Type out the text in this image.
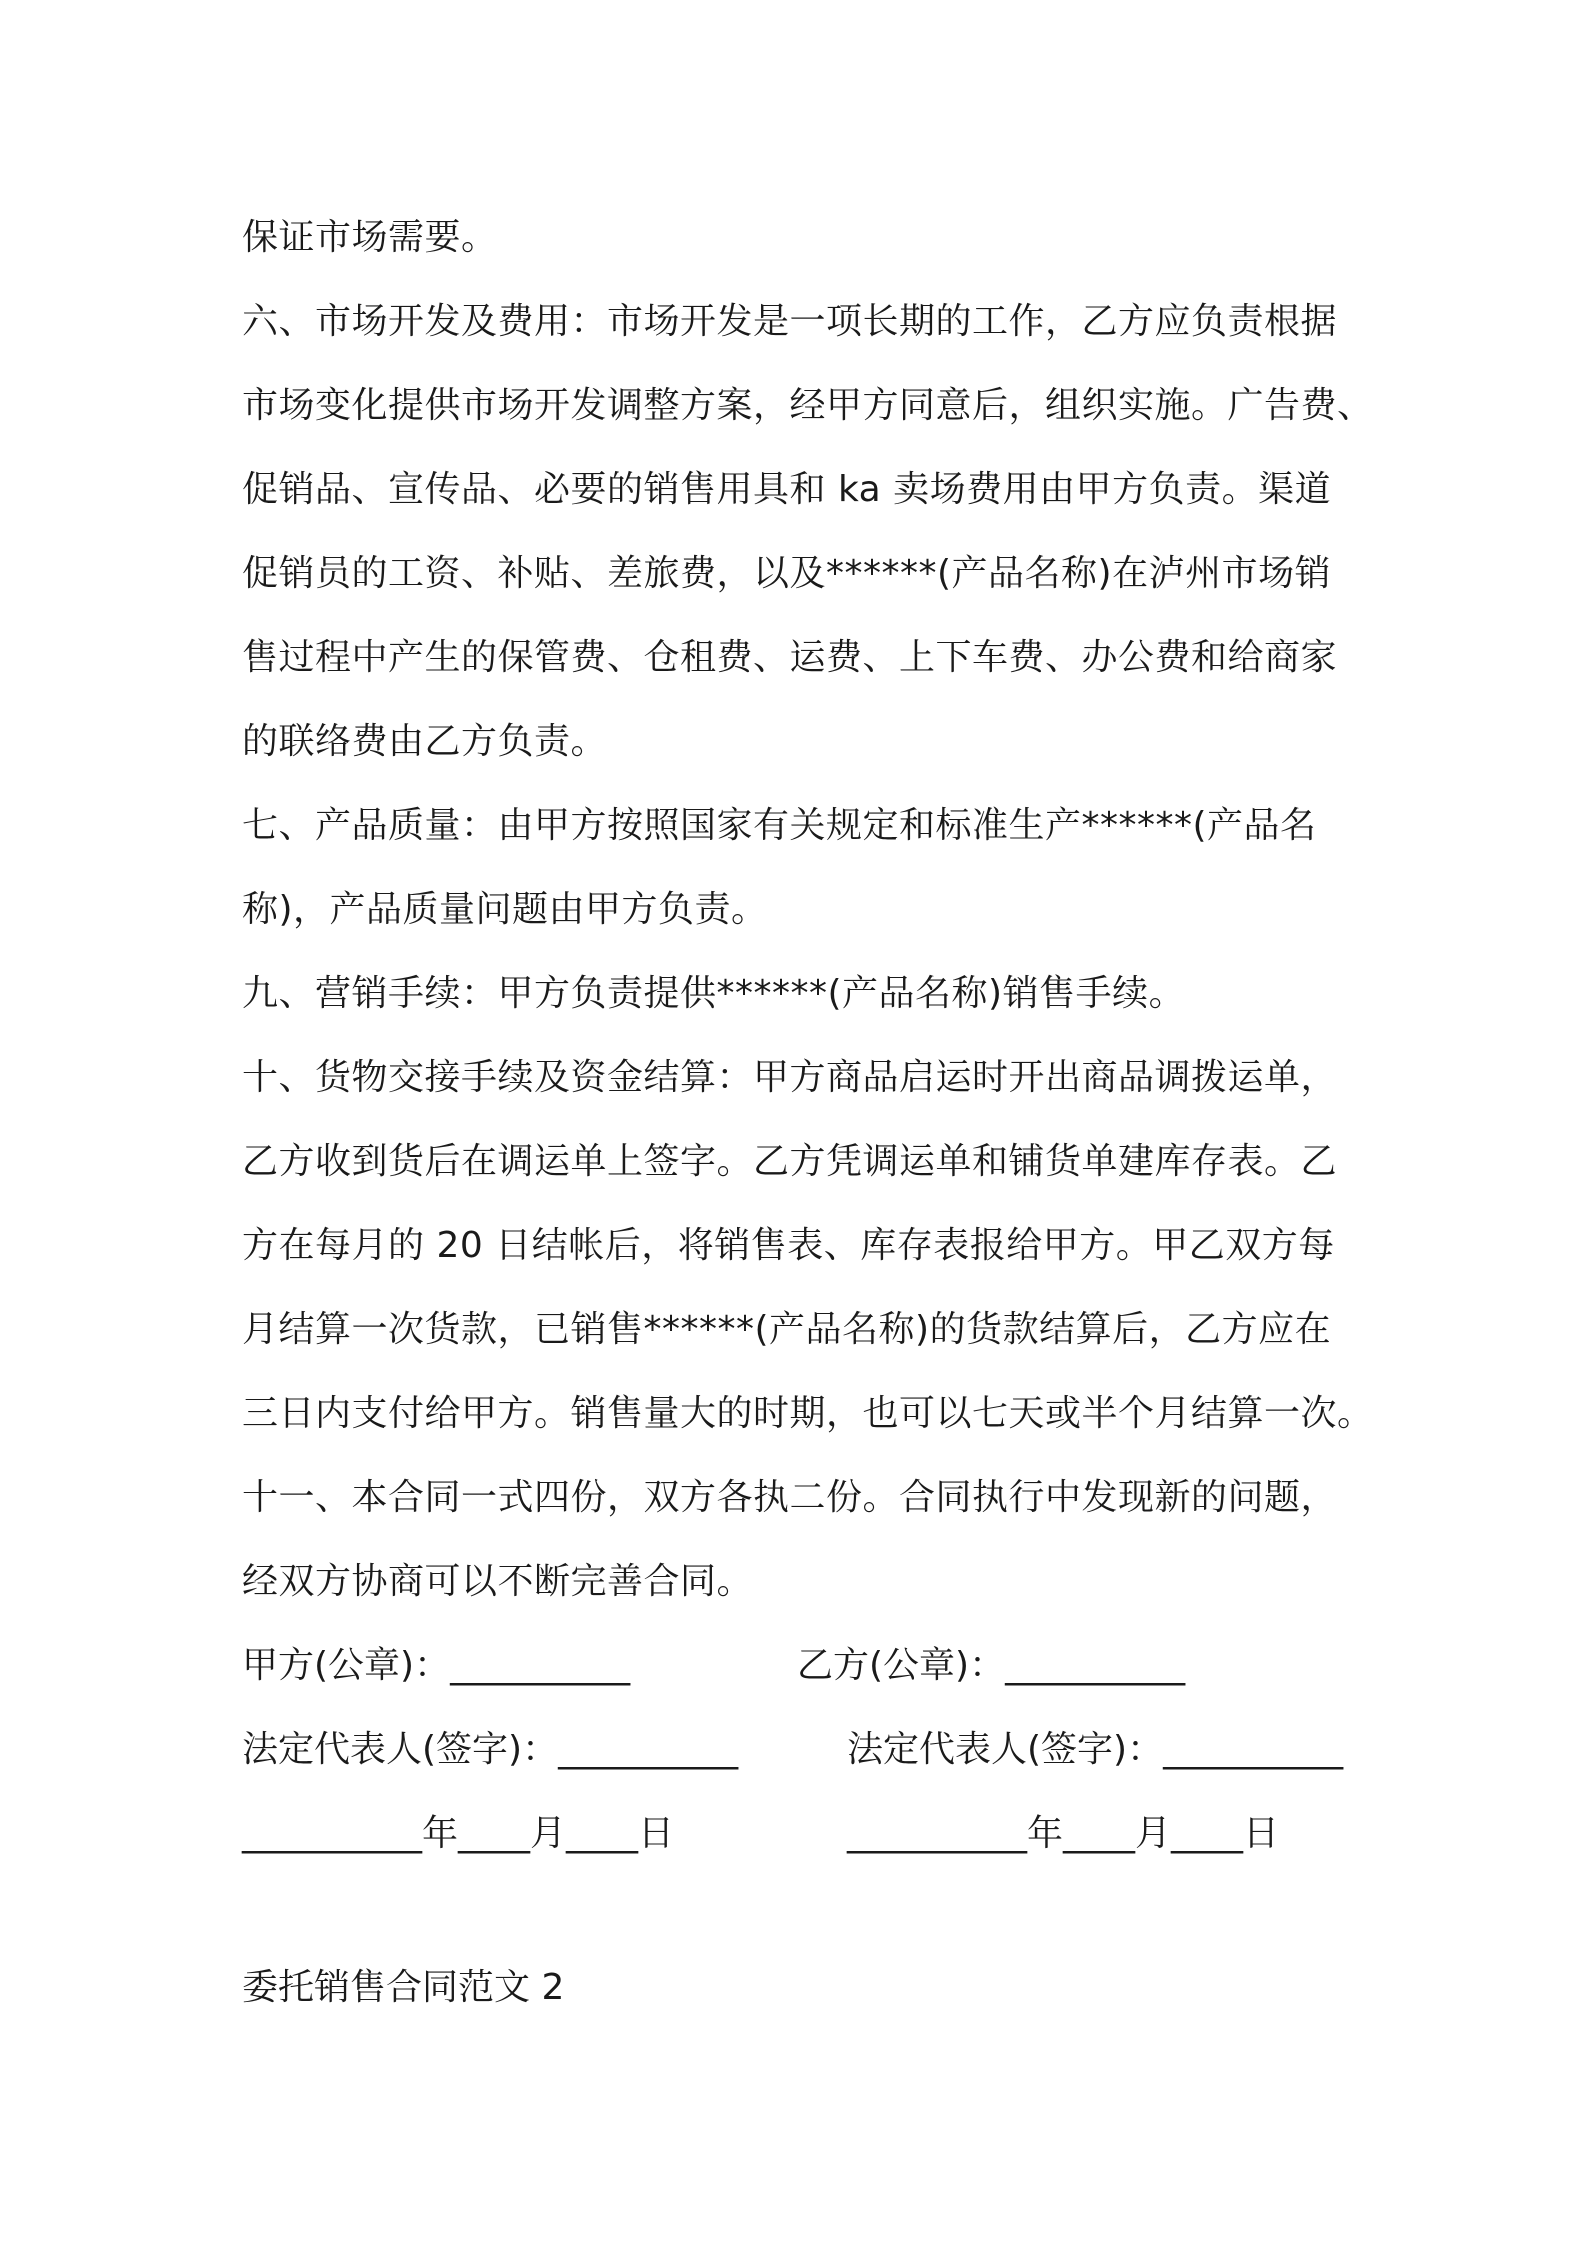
保证市场需要。
六、市场开发及费用：市场开发是一项长期的工作，乙方应负责根据
市场变化提供市场开发调整方案，经甲方同意后，组织实施。广告费、
促销品、宣传品、必要的销售用具和 ka 卖场费用由甲方负责。渠道
促销员的工资、补贴、差旅费，以及******(产品名称)在泸州市场销
售过程中产生的保管费、仓租费、运费、上下车费、办公费和给商家
的联络费由乙方负责。
七、产品质量：由甲方按照国家有关规定和标准生产******(产品名
称)，产品质量问题由甲方负责。
九、营销手续：甲方负责提供******(产品名称)销售手续。
十、货物交接手续及资金结算：甲方商品启运时开出商品调拨运单，
乙方收到货后在调运单上签字。乙方凭调运单和铺货单建库存表。乙
方在每月的 20 日结帐后，将销售表、库存表报给甲方。甲乙双方每
月结算一次货款，已销售******(产品名称)的货款结算后，乙方应在
三日内支付给甲方。销售量大的时期，也可以七天或半个月结算一次。
十一、本合同一式四份，双方各执二份。合同执行中发现新的问题，
经双方协商可以不断完善合同。
甲方(公章)：__________	乙方(公章)：__________
法定代表人(签字)：__________	法定代表人(签字)：__________
__________年____月____日	__________年____月____日
委托销售合同范文 2
